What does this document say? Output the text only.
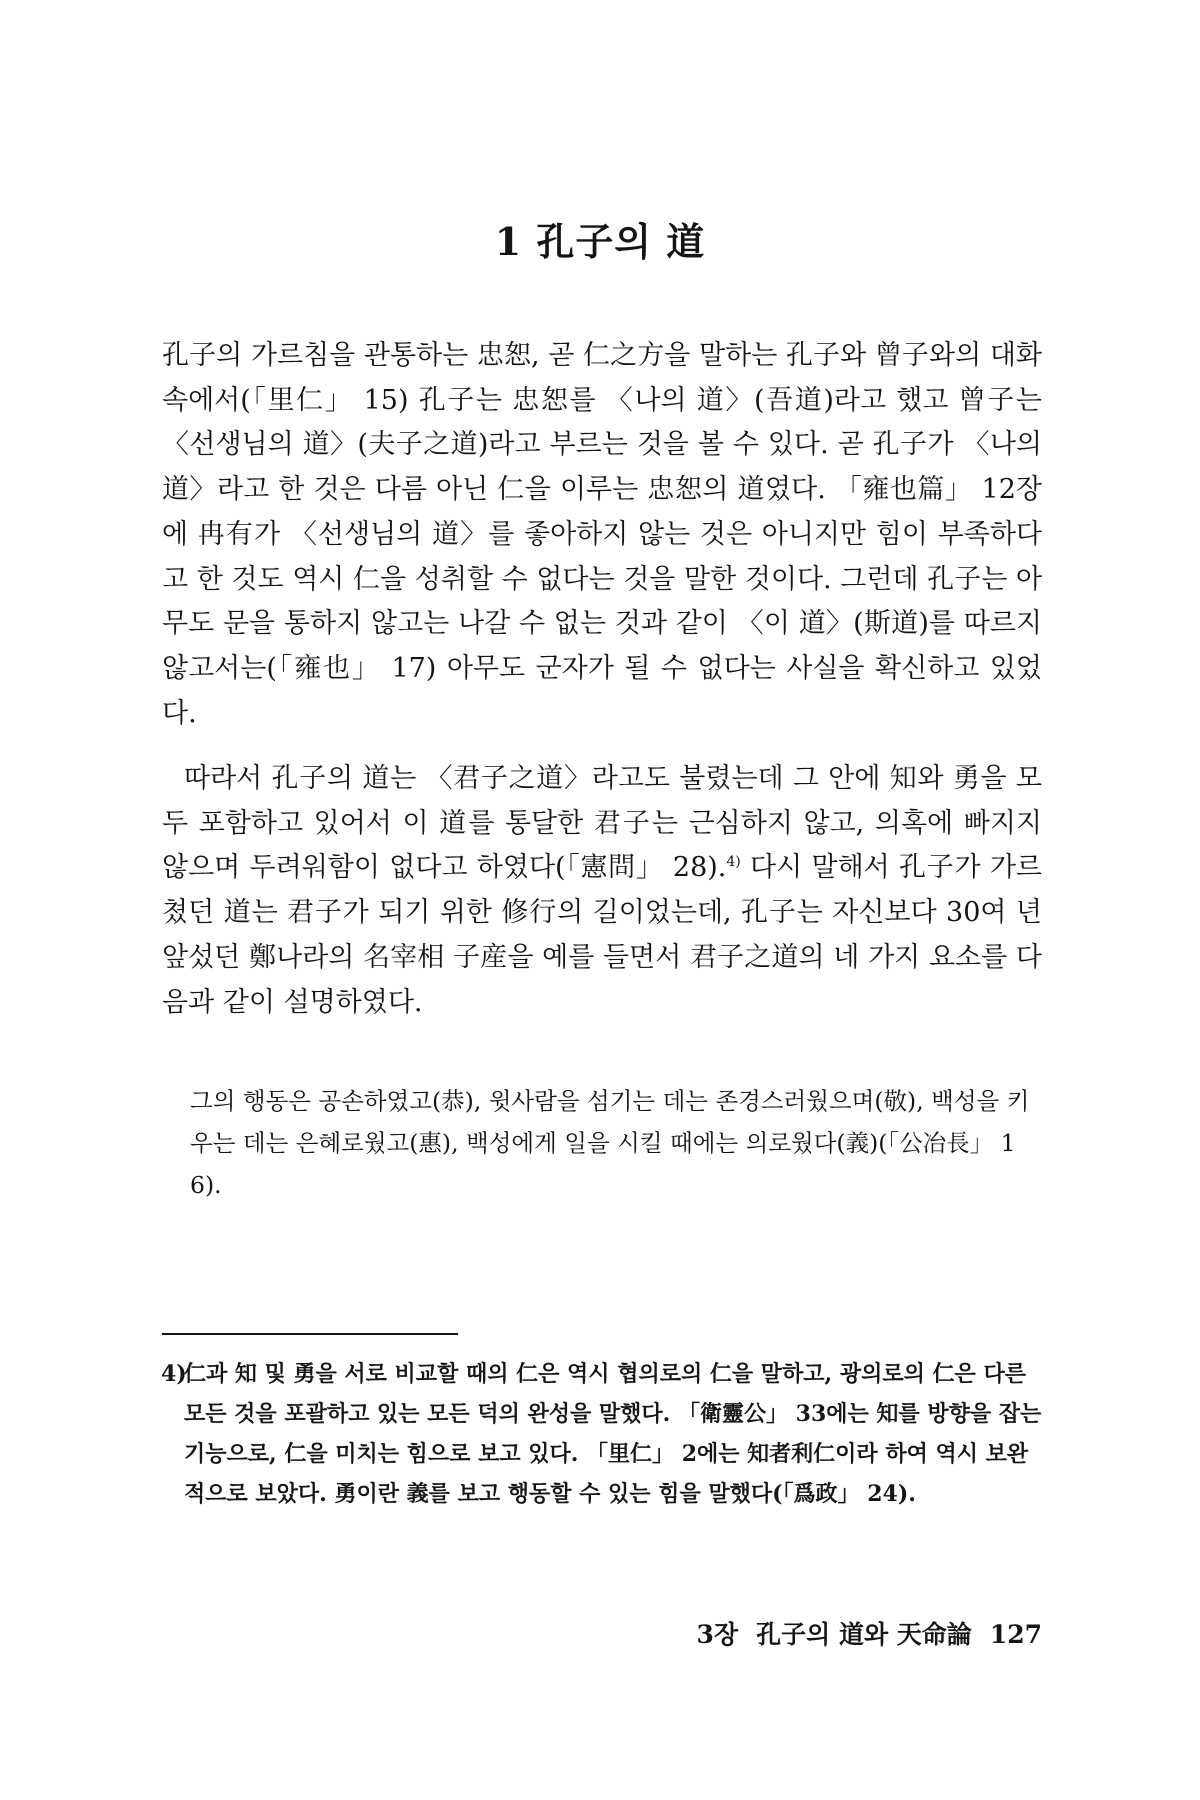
1 孔子의 道

孔子의 가르침을 관통하는 忠恕, 곧 仁之方을 말하는 孔子와 曾子와의 대화 속에서(「里仁」 15) 孔子는 忠恕를 〈나의 道〉(吾道)라고 했고 曾子는 〈선생님의 道〉(夫子之道)라고 부르는 것을 볼 수 있다. 곧 孔子가 〈나의 道〉라고 한 것은 다름 아닌 仁을 이루는 忠恕의 道였다. 「雍也篇」 12장에 冉有가 〈선생님의 道〉를 좋아하지 않는 것은 아니지만 힘이 부족하다고 한 것도 역시 仁을 성취할 수 없다는 것을 말한 것이다. 그런데 孔子는 아무도 문을 통하지 않고는 나갈 수 없는 것과 같이 〈이 道〉(斯道)를 따르지 않고서는(「雍也」 17) 아무도 군자가 될 수 없다는 사실을 확신하고 있었다.

따라서 孔子의 道는 〈君子之道〉라고도 불렸는데 그 안에 知와 勇을 모두 포함하고 있어서 이 道를 통달한 君子는 근심하지 않고, 의혹에 빠지지 않으며 두려워함이 없다고 하였다(「憲問」 28).$^{4)}$ 다시 말해서 孔子가 가르쳤던 道는 君子가 되기 위한 修行의 길이었는데, 孔子는 자신보다 30여 년 앞섰던 鄭나라의 名宰相 子産을 예를 들면서 君子之道의 네 가지 요소를 다음과 같이 설명하였다.

그의 행동은 공손하였고(恭), 윗사람을 섬기는 데는 존경스러웠으며(敬), 백성을 키우는 데는 은혜로웠고(惠), 백성에게 일을 시킬 때에는 의로웠다(義)(「公冶長」 16).

4)
仁과 知 및 勇을 서로 비교할 때의 仁은 역시 협의로의 仁을 말하고, 광의로의 仁은 다른 모든 것을 포괄하고 있는 모든 덕의 완성을 말했다. 「衛靈公」 33에는 知를 방향을 잡는 기능으로, 仁을 미치는 힘으로 보고 있다. 「里仁」 2에는 知者利仁이라 하여 역시 보완적으로 보았다. 勇이란 義를 보고 행동할 수 있는 힘을 말했다(「爲政」 24).
3장 孔子의 道와 天命論 127
